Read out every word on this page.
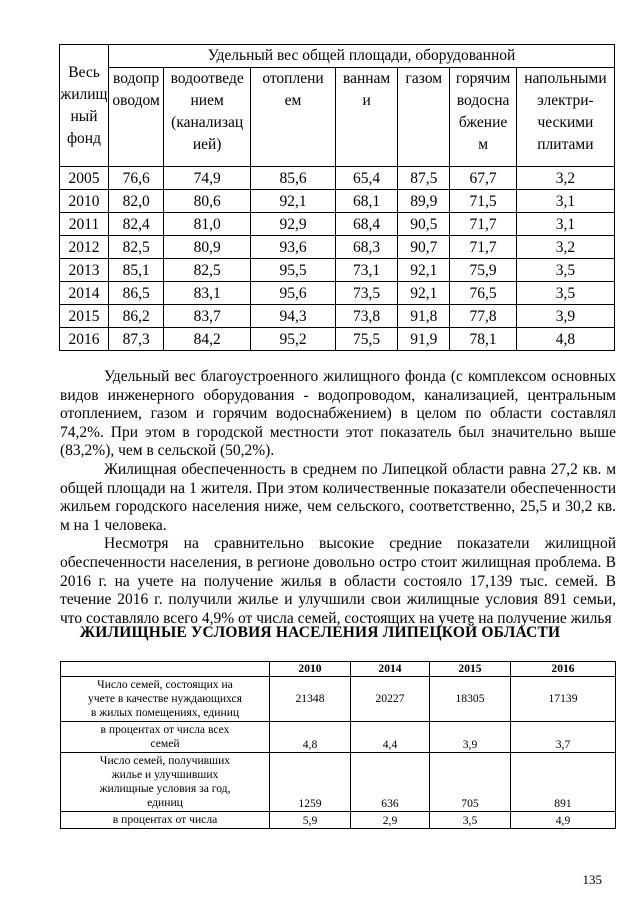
Весь
жилищ
ный
фонд	Удельный вес общей площади, оборудованной						
	водопр
оводом	водоотведе
нием
(канализац
ией)	отоплени
ем	ваннам
и	газом	горячим
водосна
бжение
м	напольными
электри-
ческими
плитами
2005	76,6	74,9	85,6	65,4	87,5	67,7	3,2
2010	82,0	80,6	92,1	68,1	89,9	71,5	3,1
2011	82,4	81,0	92,9	68,4	90,5	71,7	3,1
2012	82,5	80,9	93,6	68,3	90,7	71,7	3,2
2013	85,1	82,5	95,5	73,1	92,1	75,9	3,5
2014	86,5	83,1	95,6	73,5	92,1	76,5	3,5
2015	86,2	83,7	94,3	73,8	91,8	77,8	3,9
2016	87,3	84,2	95,2	75,5	91,9	78,1	4,8

Удельный вес благоустроенного жилищного фонда (с комплексом основных видов инженерного оборудования - водопроводом, канализацией, центральным отоплением, газом и горячим водоснабжением) в целом по области составлял 74,2%. При этом в городской местности этот показатель был значительно выше (83,2%), чем в сельской (50,2%).

Жилищная обеспеченность в среднем по Липецкой области равна 27,2 кв. м общей площади на 1 жителя. При этом количественные показатели обеспеченности жильем городского населения ниже, чем сельского, соответственно, 25,5 и 30,2 кв. м на 1 человека.

Несмотря на сравнительно высокие средние показатели жилищной обеспеченности населения, в регионе довольно остро стоит жилищная проблема. В 2016 г. на учете на получение жилья в области состояло 17,139 тыс. семей. В течение 2016 г. получили жилье и улучшили свои жилищные условия 891 семьи, что составляло всего 4,9% от числа семей, состоящих на учете на получение жилья

ЖИЛИЩНЫЕ УСЛОВИЯ НАСЕЛЕНИЯ ЛИПЕЦКОЙ ОБЛАСТИ
	2010	2014	2015	2016
Число семей, состоящих на
учете в качестве нуждающихся
в жилых помещениях, единиц	21348	20227	18305	17139
в процентах от числа всех
семей	4,8	4,4	3,9	3,7
Число семей, получивших
жилье и улучшивших
жилищные условия за год,
единиц	1259	636	705	891
в процентах от числа	5,9	2,9	3,5	4,9
135
